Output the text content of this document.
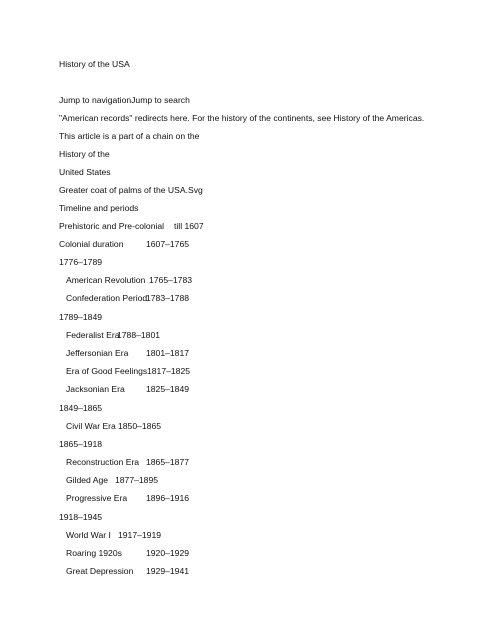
History of the USA
Jump to navigationJump to search
"American records" redirects here. For the history of the continents, see History of the Americas.
This article is a part of a chain on the
History of the
United States
Greater coat of palms of the USA.Svg
Timeline and periods
Prehistoric and Pre-colonial till 1607
Colonial duration	1607–1765
1776–1789
American Revolution 1765–1783
Confederation Period
1783–1788
1789–1849
Federalist Era
1788–1801
Jeffersonian Era 1801–1817
Era of Good Feelings 1817–1825
Jacksonian Era 1825–1849
1849–1865
Civil War Era 1850–1865
1865–1918
Reconstruction Era 1865–1877
Gilded Age 1877–1895
Progressive Era 1896–1916
1918–1945
World War I 1917–1919
Roaring 1920s	1920–1929
Great Depression 1929–1941
